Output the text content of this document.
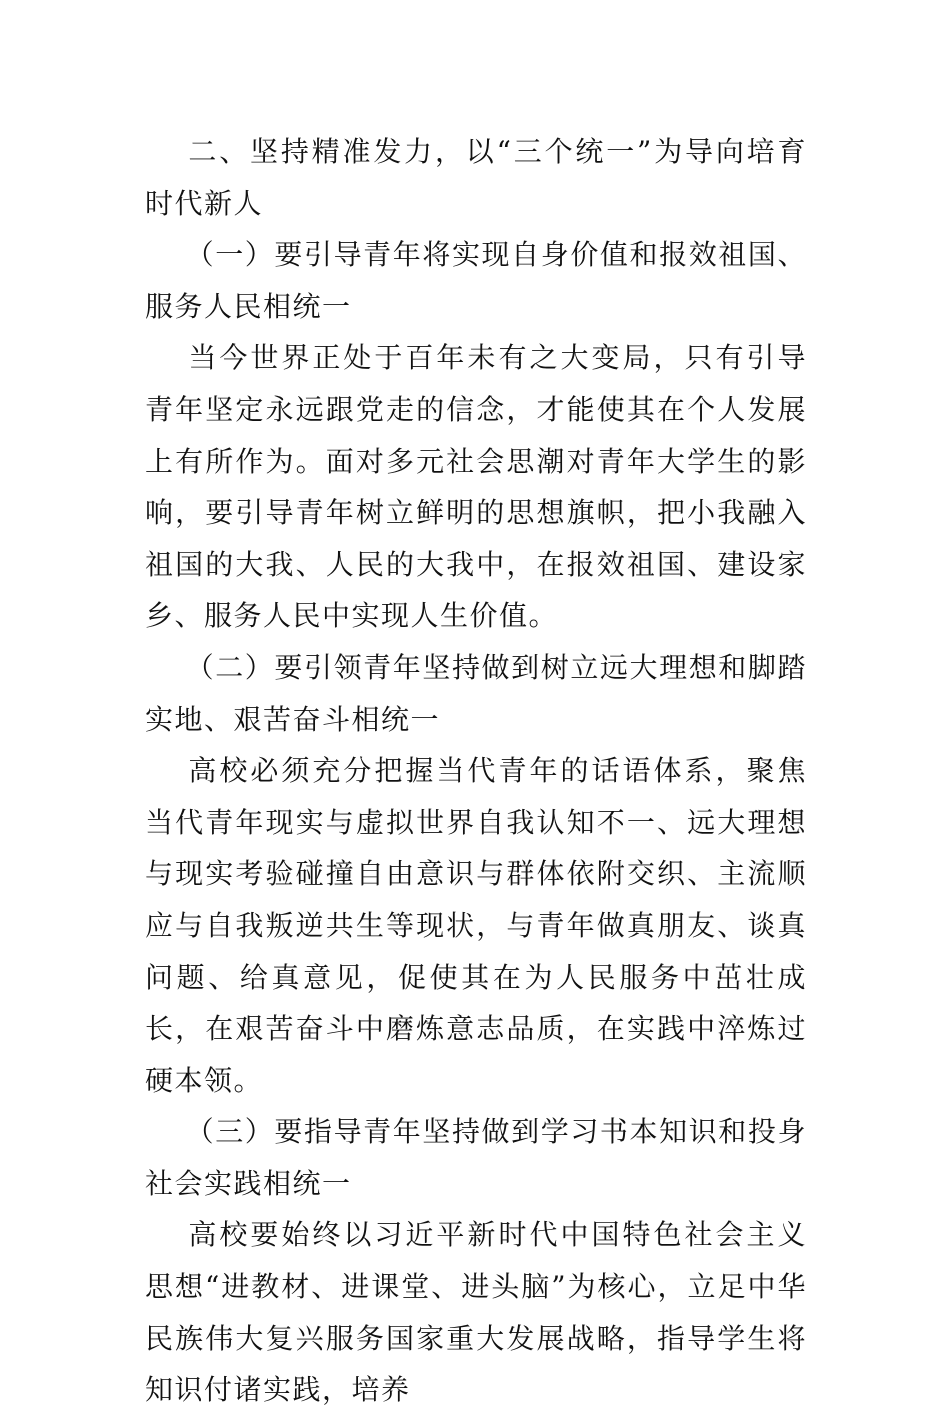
二、坚持精准发力，以“三个统一”为导向培育时代新人

（一）要引导青年将实现自身价值和报效祖国、服务人民相统一

当今世界正处于百年未有之大变局，只有引导青年坚定永远跟党走的信念，才能使其在个人发展上有所作为。面对多元社会思潮对青年大学生的影响，要引导青年树立鲜明的思想旗帜，把小我融入祖国的大我、人民的大我中，在报效祖国、建设家乡、服务人民中实现人生价值。

（二）要引领青年坚持做到树立远大理想和脚踏实地、艰苦奋斗相统一

高校必须充分把握当代青年的话语体系，聚焦当代青年现实与虚拟世界自我认知不一、远大理想与现实考验碰撞自由意识与群体依附交织、主流顺应与自我叛逆共生等现状，与青年做真朋友、谈真问题、给真意见，促使其在为人民服务中茁壮成长，在艰苦奋斗中磨炼意志品质，在实践中淬炼过硬本领。

（三）要指导青年坚持做到学习书本知识和投身社会实践相统一

高校要始终以习近平新时代中国特色社会主义思想“进教材、进课堂、进头脑”为核心，立足中华民族伟大复兴服务国家重大发展战略，指导学生将知识付诸实践，培养
